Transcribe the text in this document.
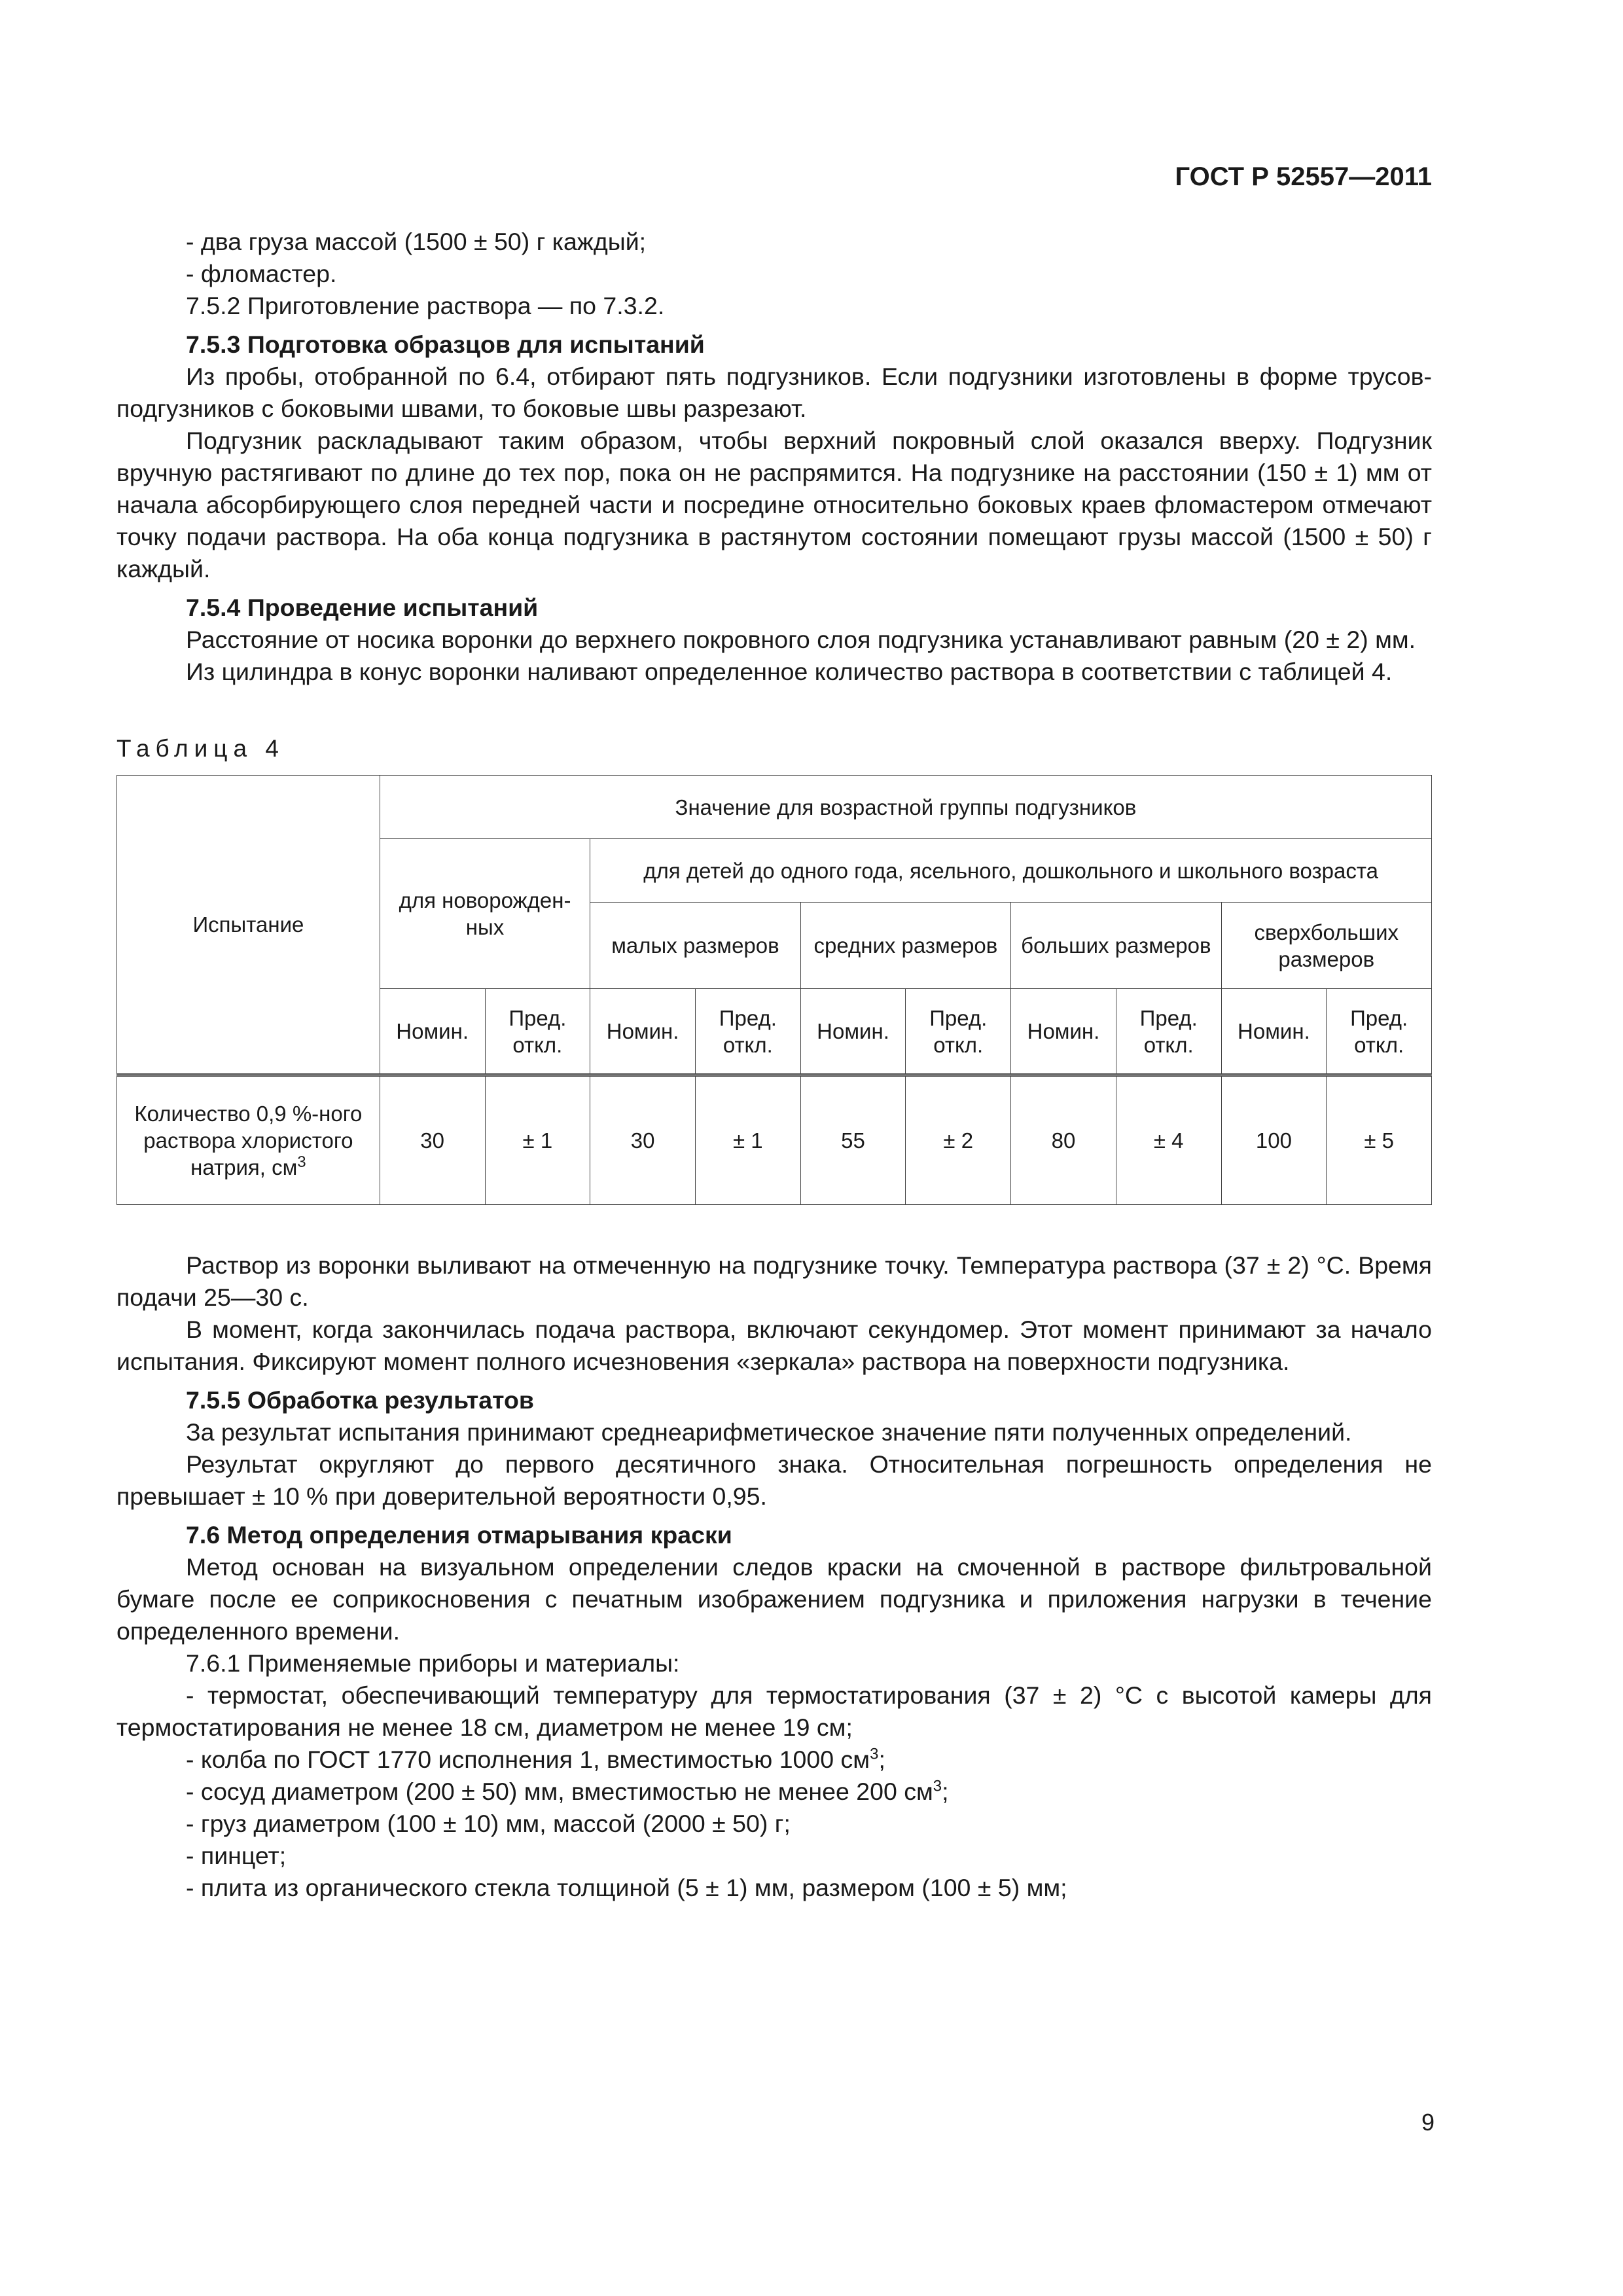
ГОСТ Р 52557—2011

- два груза массой (1500 ± 50) г каждый;

- фломастер.

7.5.2 Приготовление раствора — по 7.3.2.

7.5.3 Подготовка образцов для испытаний

Из пробы, отобранной по 6.4, отбирают пять подгузников. Если подгузники изготовлены в форме трусов-подгузников с боковыми швами, то боковые швы разрезают.

Подгузник раскладывают таким образом, чтобы верхний покровный слой оказался вверху. Подгузник вручную растягивают по длине до тех пор, пока он не распрямится. На подгузнике на расстоянии (150 ± 1) мм от начала абсорбирующего слоя передней части и посредине относительно боковых краев фломастером отмечают точку подачи раствора. На оба конца подгузника в растянутом состоянии помещают грузы массой (1500 ± 50) г каждый.

7.5.4 Проведение испытаний

Расстояние от носика воронки до верхнего покровного слоя подгузника устанавливают равным (20 ± 2) мм.

Из цилиндра в конус воронки наливают определенное количество раствора в соответствии с таблицей 4.

Таблица 4

Испытание	Значение для возрастной группы подгузников									
	для новорожден-ных		для детей до одного года, ясельного, дошкольного и школьного возраста							
			малых размеров		средних размеров		больших размеров		сверхбольших размеров	
	Номин.	Пред. откл.	Номин.	Пред. откл.	Номин.	Пред. откл.	Номин.	Пред. откл.	Номин.	Пред. откл.
Количество 0,9 %-ного раствора хлористого натрия, $см^3$	30	± 1	30	± 1	55	± 2	80	± 4	100	± 5

Раствор из воронки выливают на отмеченную на подгузнике точку. Температура раствора (37 ± 2) °С. Время подачи 25—30 с.

В момент, когда закончилась подача раствора, включают секундомер. Этот момент принимают за начало испытания. Фиксируют момент полного исчезновения «зеркала» раствора на поверхности подгузника.

7.5.5 Обработка результатов

За результат испытания принимают среднеарифметическое значение пяти полученных определений.

Результат округляют до первого десятичного знака. Относительная погрешность определения не превышает ± 10 % при доверительной вероятности 0,95.

7.6 Метод определения отмарывания краски

Метод основан на визуальном определении следов краски на смоченной в растворе фильтровальной бумаге после ее соприкосновения с печатным изображением подгузника и приложения нагрузки в течение определенного времени.

7.6.1 Применяемые приборы и материалы:

- термостат, обеспечивающий температуру для термостатирования (37 ± 2) °С с высотой камеры для термостатирования не менее 18 см, диаметром не менее 19 см;

- колба по ГОСТ 1770 исполнения 1, вместимостью 1000 $см^3$;

- сосуд диаметром (200 ± 50) мм, вместимостью не менее 200 $см^3$;

- груз диаметром (100 ± 10) мм, массой (2000 ± 50) г;

- пинцет;

- плита из органического стекла толщиной (5 ± 1) мм, размером (100 ± 5) мм;

9
